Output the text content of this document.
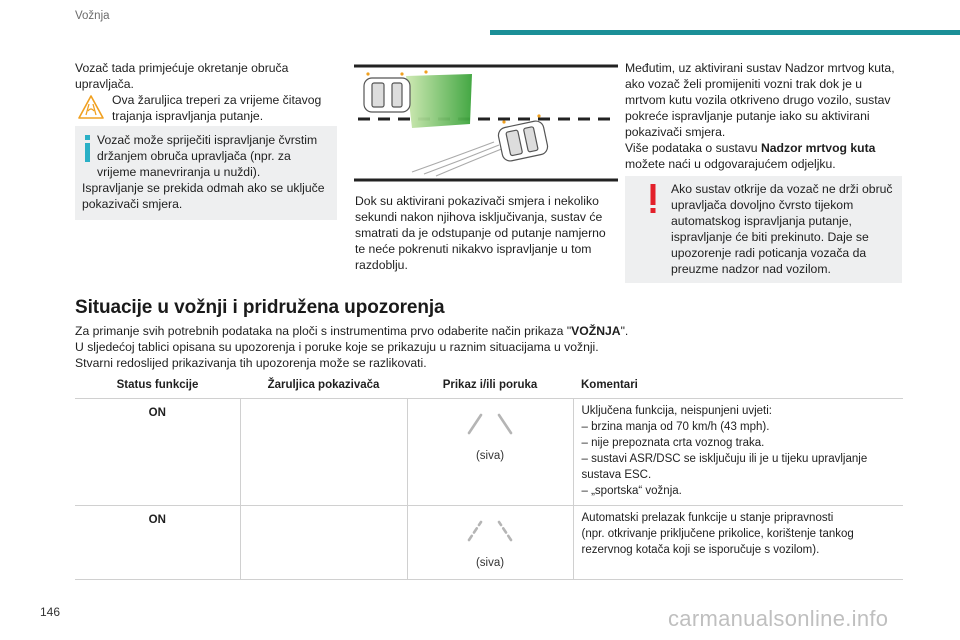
Vožnja
Vozač tada primjećuje okretanje obruča upravljača.
Ova žaruljica treperi za vrijeme čitavog trajanja ispravljanja putanje.
Vozač može spriječiti ispravljanje čvrstim držanjem obruča upravljača (npr. za vrijeme manevriranja u nuždi).
Ispravljanje se prekida odmah ako se uključe pokazivači smjera.	Dok su aktivirani pokazivači smjera i nekoliko sekundi nakon njihova isključivanja, sustav će smatrati da je odstupanje od putanje namjerno te neće pokrenuti nikakvo ispravljanje u tom razdoblju.
Međutim, uz aktivirani sustav Nadzor mrtvog kuta, ako vozač želi promijeniti vozni trak dok je u mrtvom kutu vozila otkriveno drugo vozilo, sustav pokreće ispravljanje putanje iako su aktivirani pokazivači smjera.
Više podataka o sustavu Nadzor mrtvog kuta možete naći u odgovarajućem odjeljku.
Ako sustav otkrije da vozač ne drži obruč upravljača dovoljno čvrsto tijekom automatskog ispravljanja putanje, ispravljanje će biti prekinuto. Daje se upozorenje radi poticanja vozača da preuzme nadzor nad vozilom.
Situacije u vožnji i pridružena upozorenja
Za primanje svih potrebnih podataka na ploči s instrumentima prvo odaberite način prikaza "VOŽNJA".
U sljedećoj tablici opisana su upozorenja i poruke koje se prikazuju u raznim situacijama u vožnji.
Stvarni redoslijed prikazivanja tih upozorenja može se razlikovati.
Status funkcije	Žaruljica pokazivača	Prikaz i/ili poruka	Komentari
ON		(siva)	Uključena funkcija, neispunjeni uvjeti:
– brzina manja od 70 km/h (43 mph).
– nije prepoznata crta voznog traka.
– sustavi ASR/DSC se isključuju ili je u tijeku upravljanje sustava ESC.
– „sportska“ vožnja.

ON		(siva)	Automatski prelazak funkcije u stanje pripravnosti
(npr. otkrivanje priključene prikolice, korištenje tankog rezervnog kotača koji se isporučuje s vozilom).
146	carmanualsonline.info
